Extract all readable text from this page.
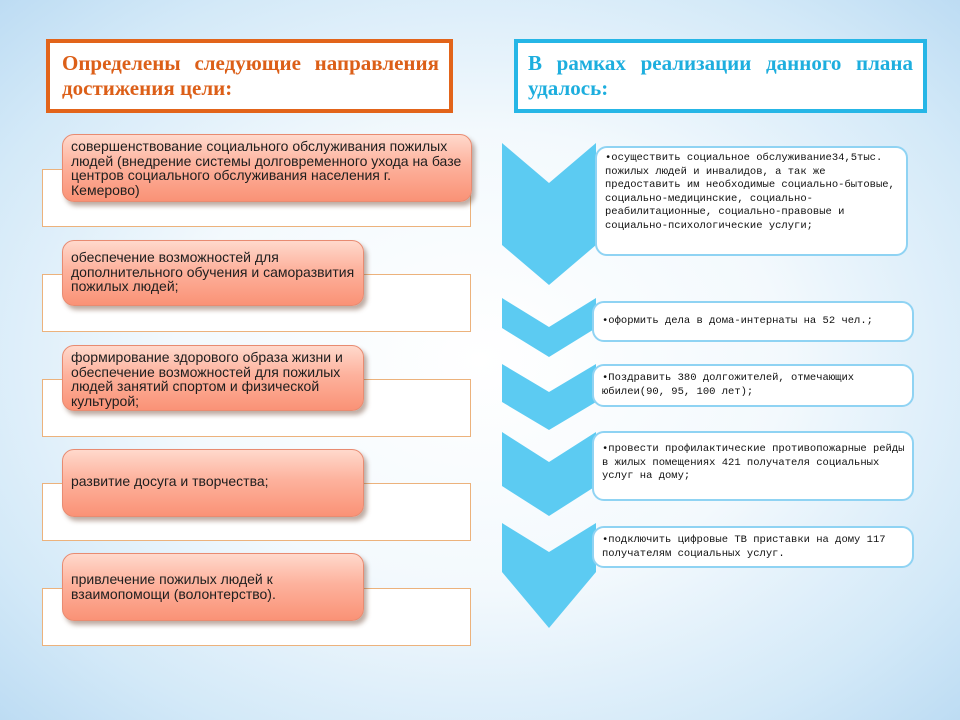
Определены следующие направления достижения цели:
В рамках реализации данного плана удалось:
совершенствование социального обслуживания пожилых людей (внедрение системы долговременного ухода на базе центров социального обслуживания населения г. Кемерово)
обеспечение возможностей для дополнительного обучения и саморазвития пожилых людей;
формирование здорового образа жизни и обеспечение возможностей для пожилых людей занятий спортом и физической культурой;
развитие досуга и творчества;
привлечение пожилых людей к взаимопомощи (волонтерство).
•осуществить социальное обслуживание34,5тыс. пожилых людей и инвалидов, а так же предоставить им необходимые социально-бытовые, социально-медицинские, социально-реабилитационные, социально-правовые и социально-психологические услуги;
•оформить дела в дома-интернаты на 52 чел.;
•Поздравить 380 долгожителей, отмечающих юбилеи(90, 95, 100 лет);
•провести профилактические противопожарные рейды в жилых помещениях 421 получателя социальных услуг на дому;
•подключить цифровые ТВ приставки на дому 117 получателям социальных услуг.
